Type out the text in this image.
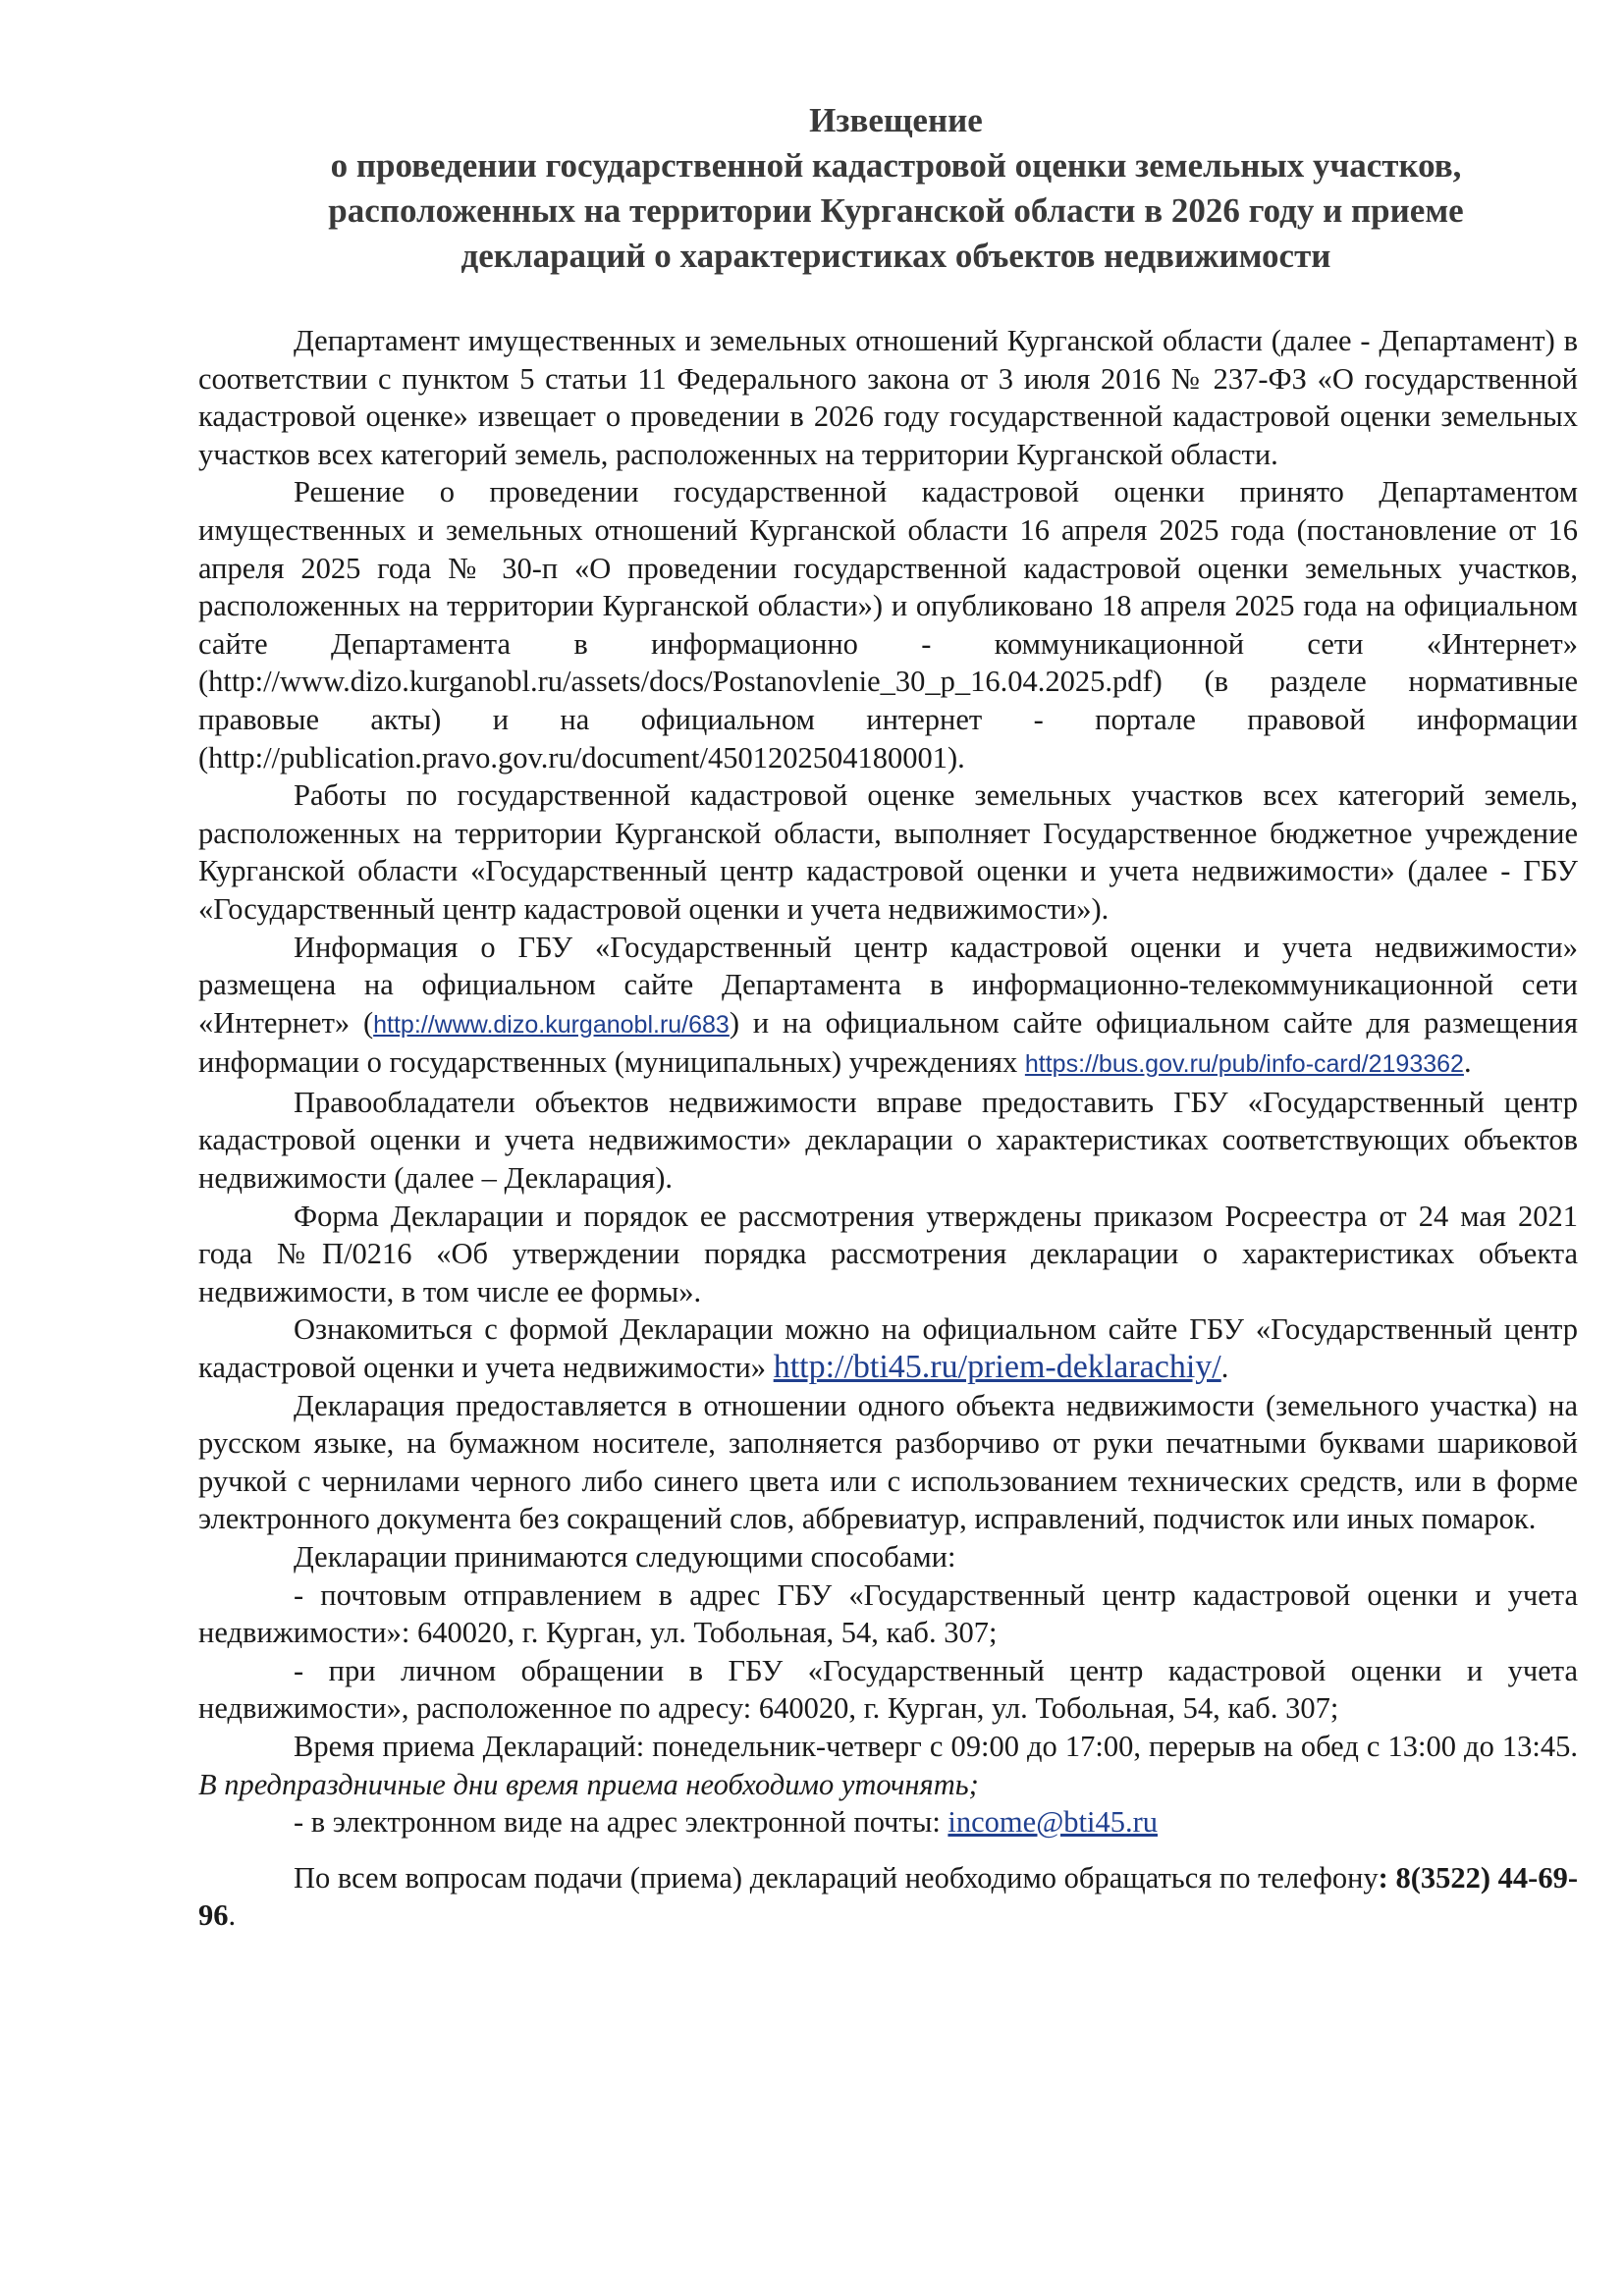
Извещение
о проведении государственной кадастровой оценки земельных участков,
расположенных на территории Курганской области в 2026 году и приеме
деклараций о характеристиках объектов недвижимости

Департамент имущественных и земельных отношений Курганской области (далее - Департамент) в соответствии с пунктом 5 статьи 11 Федерального закона от 3 июля 2016 № 237-ФЗ «О государственной кадастровой оценке» извещает о проведении в 2026 году государственной кадастровой оценки земельных участков всех категорий земель, расположенных на территории Курганской области.

Решение о проведении государственной кадастровой оценки принято Департаментом имущественных и земельных отношений Курганской области 16 апреля 2025 года (постановление от 16 апреля 2025 года № 30-п «О проведении государственной кадастровой оценки земельных участков, расположенных на территории Курганской области») и опубликовано 18 апреля 2025 года на официальном сайте Департамента в информационно - коммуникационной сети «Интернет» (http://www.dizo.kurganobl.ru/assets/docs/Postanovlenie_30_p_16.04.2025.pdf) (в разделе нормативные правовые акты) и на официальном интернет - портале правовой информации (http://publication.pravo.gov.ru/document/4501202504180001).

Работы по государственной кадастровой оценке земельных участков всех категорий земель, расположенных на территории Курганской области, выполняет Государственное бюджетное учреждение Курганской области «Государственный центр кадастровой оценки и учета недвижимости» (далее - ГБУ «Государственный центр кадастровой оценки и учета недвижимости»).

Информация о ГБУ «Государственный центр кадастровой оценки и учета недвижимости» размещена на официальном сайте Департамента в информационно-телекоммуникационной сети «Интернет» (http://www.dizo.kurganobl.ru/683) и на официальном сайте официальном сайте для размещения информации о государственных (муниципальных) учреждениях https://bus.gov.ru/pub/info-card/2193362.

Правообладатели объектов недвижимости вправе предоставить ГБУ «Государственный центр кадастровой оценки и учета недвижимости» декларации о характеристиках соответствующих объектов недвижимости (далее – Декларация).

Форма Декларации и порядок ее рассмотрения утверждены приказом Росреестра от 24 мая 2021 года №П/0216 «Об утверждении порядка рассмотрения декларации о характеристиках объекта недвижимости, в том числе ее формы».

Ознакомиться с формой Декларации можно на официальном сайте ГБУ «Государственный центр кадастровой оценки и учета недвижимости» http://bti45.ru/priem-deklarachiy/.

Декларация предоставляется в отношении одного объекта недвижимости (земельного участка) на русском языке, на бумажном носителе, заполняется разборчиво от руки печатными буквами шариковой ручкой с чернилами черного либо синего цвета или с использованием технических средств, или в форме электронного документа без сокращений слов, аббревиатур, исправлений, подчисток или иных помарок.

Декларации принимаются следующими способами:

- почтовым отправлением в адрес ГБУ «Государственный центр кадастровой оценки и учета недвижимости»: 640020, г. Курган, ул. Тобольная, 54, каб. 307;

- при личном обращении в ГБУ «Государственный центр кадастровой оценки и учета недвижимости», расположенное по адресу: 640020, г. Курган, ул. Тобольная, 54, каб. 307;

Время приема Деклараций: понедельник-четверг с 09:00 до 17:00, перерыв на обед с 13:00 до 13:45. В предпраздничные дни время приема необходимо уточнять;

- в электронном виде на адрес электронной почты: income@bti45.ru

По всем вопросам подачи (приема) деклараций необходимо обращаться по телефону: 8(3522) 44-69-96.
